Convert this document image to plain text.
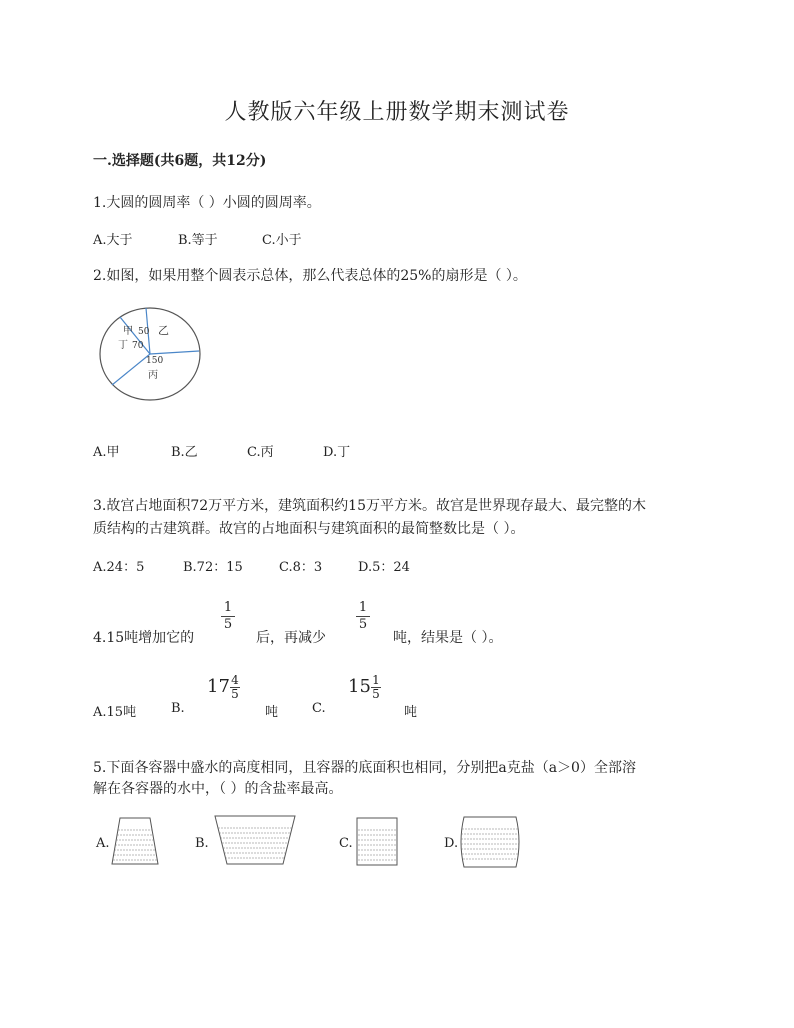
人教版六年级上册数学期末测试卷
一.选择题(共6题，共12分)
1.大圆的圆周率（ ）小圆的圆周率。
A.大于	B.等于	C.小于
2.如图，如果用整个圆表示总体，那么代表总体的25%的扇形是（ ）。
甲 50 乙
丁 70
150
丙
A.甲	B.乙	C.丙	D.丁
3.故宫占地面积72万平方米，建筑面积约15万平方米。故宫是世界现存最大、最完整的木
质结构的古建筑群。故宫的占地面积与建筑面积的最简整数比是（ ）。
A.24：5	B.72：15	C.8：3	D.5：24
4.15吨增加它的
$\frac{1}{5}$
后，再减少
$\frac{1}{5}$
吨，结果是（ ）。
A.15吨	B.
$17 \frac{4}{5}$
吨	C.
$15 \frac{1}{5}$
吨
5.下面各容器中盛水的高度相同，且容器的底面积也相同，分别把a克盐（a＞0）全部溶
解在各容器的水中，（ ）的含盐率最高。
A.	B.	C.	D.
